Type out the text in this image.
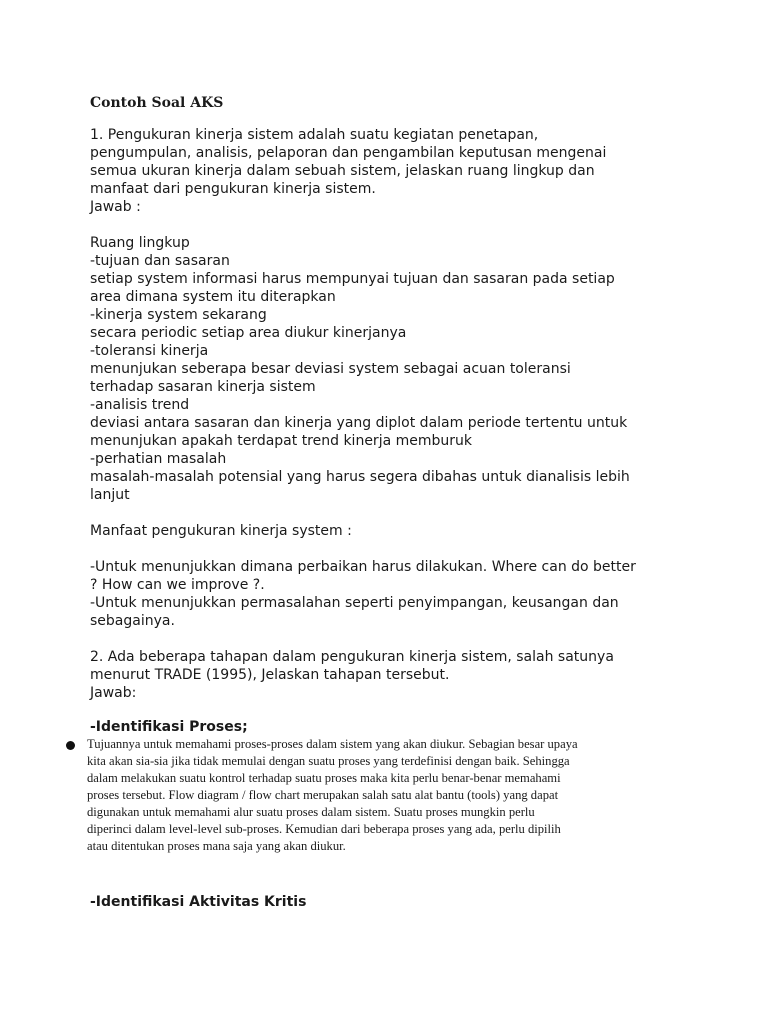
Contoh Soal AKS
1. Pengukuran kinerja sistem adalah suatu kegiatan penetapan,
pengumpulan, analisis, pelaporan dan pengambilan keputusan mengenai
semua ukuran kinerja dalam sebuah sistem, jelaskan ruang lingkup dan
manfaat dari pengukuran kinerja sistem.
Jawab :
Ruang lingkup
-tujuan dan sasaran
setiap system informasi harus mempunyai tujuan dan sasaran pada setiap
area dimana system itu diterapkan
-kinerja system sekarang
secara periodic setiap area diukur kinerjanya
-toleransi kinerja
menunjukan seberapa besar deviasi system sebagai acuan toleransi
terhadap sasaran kinerja sistem
-analisis trend
deviasi antara sasaran dan kinerja yang diplot dalam periode tertentu untuk
menunjukan apakah terdapat trend kinerja memburuk
-perhatian masalah
masalah-masalah potensial yang harus segera dibahas untuk dianalisis lebih
lanjut
Manfaat pengukuran kinerja system :
-Untuk menunjukkan dimana perbaikan harus dilakukan. Where can do better
? How can we improve ?.
-Untuk menunjukkan permasalahan seperti penyimpangan, keusangan dan
sebagainya.
2. Ada beberapa tahapan dalam pengukuran kinerja sistem, salah satunya
menurut TRADE (1995), Jelaskan tahapan tersebut.
Jawab:
-Identifikasi Proses;
Tujuannya untuk memahami proses-proses dalam sistem yang akan diukur. Sebagian besar upaya
kita akan sia-sia jika tidak memulai dengan suatu proses yang terdefinisi dengan baik. Sehingga
dalam melakukan suatu kontrol terhadap suatu proses maka kita perlu benar-benar memahami
proses tersebut. Flow diagram / flow chart merupakan salah satu alat bantu (tools) yang dapat
digunakan untuk memahami alur suatu proses dalam sistem. Suatu proses mungkin perlu
diperinci dalam level-level sub-proses. Kemudian dari beberapa proses yang ada, perlu dipilih
atau ditentukan proses mana saja yang akan diukur.
-Identifikasi Aktivitas Kritis
